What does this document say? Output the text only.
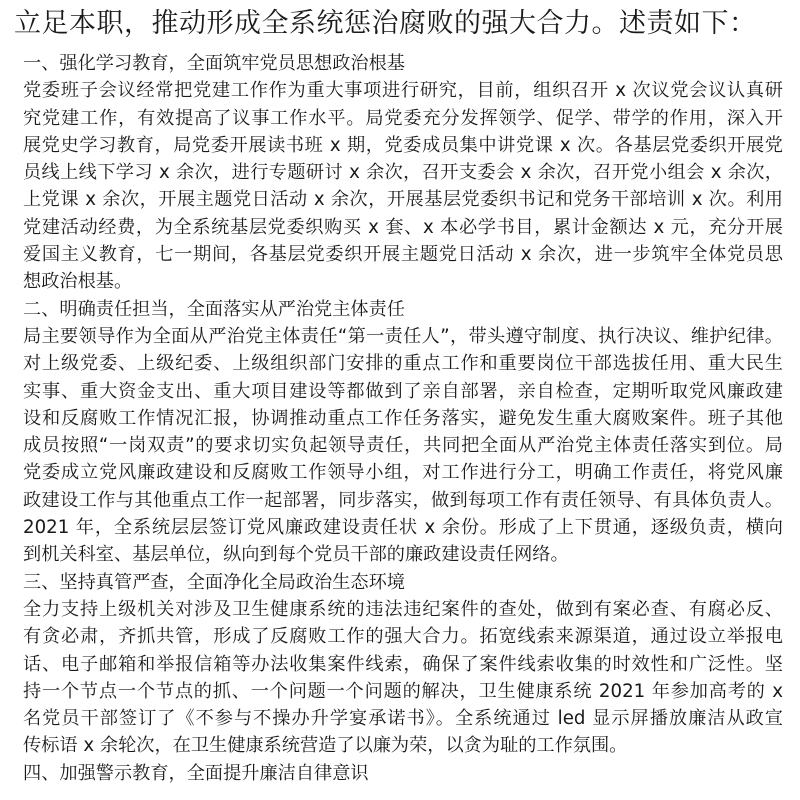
立足本职，推动形成全系统惩治腐败的强大合力。述责如下：
一、强化学习教育，全面筑牢党员思想政治根基
党委班子会议经常把党建工作作为重大事项进行研究，目前，组织召开 x 次议党会议认真研
究党建工作，有效提高了议事工作水平。局党委充分发挥领学、促学、带学的作用，深入开
展党史学习教育，局党委开展读书班 x 期，党委成员集中讲党课 x 次。各基层党委织开展党
员线上线下学习 x 余次，进行专题研讨 x 余次，召开支委会 x 余次，召开党小组会 x 余次，
上党课 x 余次，开展主题党日活动 x 余次，开展基层党委织书记和党务干部培训 x 次。利用
党建活动经费，为全系统基层党委织购买 x 套、x 本必学书目，累计金额达 x 元，充分开展
爱国主义教育，七一期间，各基层党委织开展主题党日活动 x 余次，进一步筑牢全体党员思
想政治根基。
二、明确责任担当，全面落实从严治党主体责任
局主要领导作为全面从严治党主体责任“第一责任人”，带头遵守制度、执行决议、维护纪律。
对上级党委、上级纪委、上级组织部门安排的重点工作和重要岗位干部选拔任用、重大民生
实事、重大资金支出、重大项目建设等都做到了亲自部署，亲自检查，定期听取党风廉政建
设和反腐败工作情况汇报，协调推动重点工作任务落实，避免发生重大腐败案件。班子其他
成员按照“一岗双责”的要求切实负起领导责任，共同把全面从严治党主体责任落实到位。局
党委成立党风廉政建设和反腐败工作领导小组，对工作进行分工，明确工作责任，将党风廉
政建设工作与其他重点工作一起部署，同步落实，做到每项工作有责任领导、有具体负责人。
2021 年，全系统层层签订党风廉政建设责任状 x 余份。形成了上下贯通，逐级负责，横向
到机关科室、基层单位，纵向到每个党员干部的廉政建设责任网络。
三、坚持真管严查，全面净化全局政治生态环境
全力支持上级机关对涉及卫生健康系统的违法违纪案件的查处，做到有案必查、有腐必反、
有贪必肃，齐抓共管，形成了反腐败工作的强大合力。拓宽线索来源渠道，通过设立举报电
话、电子邮箱和举报信箱等办法收集案件线索，确保了案件线索收集的时效性和广泛性。坚
持一个节点一个节点的抓、一个问题一个问题的解决，卫生健康系统 2021 年参加高考的 x
名党员干部签订了《不参与不操办升学宴承诺书》。全系统通过 led 显示屏播放廉洁从政宣
传标语 x 余轮次，在卫生健康系统营造了以廉为荣，以贪为耻的工作氛围。
四、加强警示教育，全面提升廉洁自律意识
